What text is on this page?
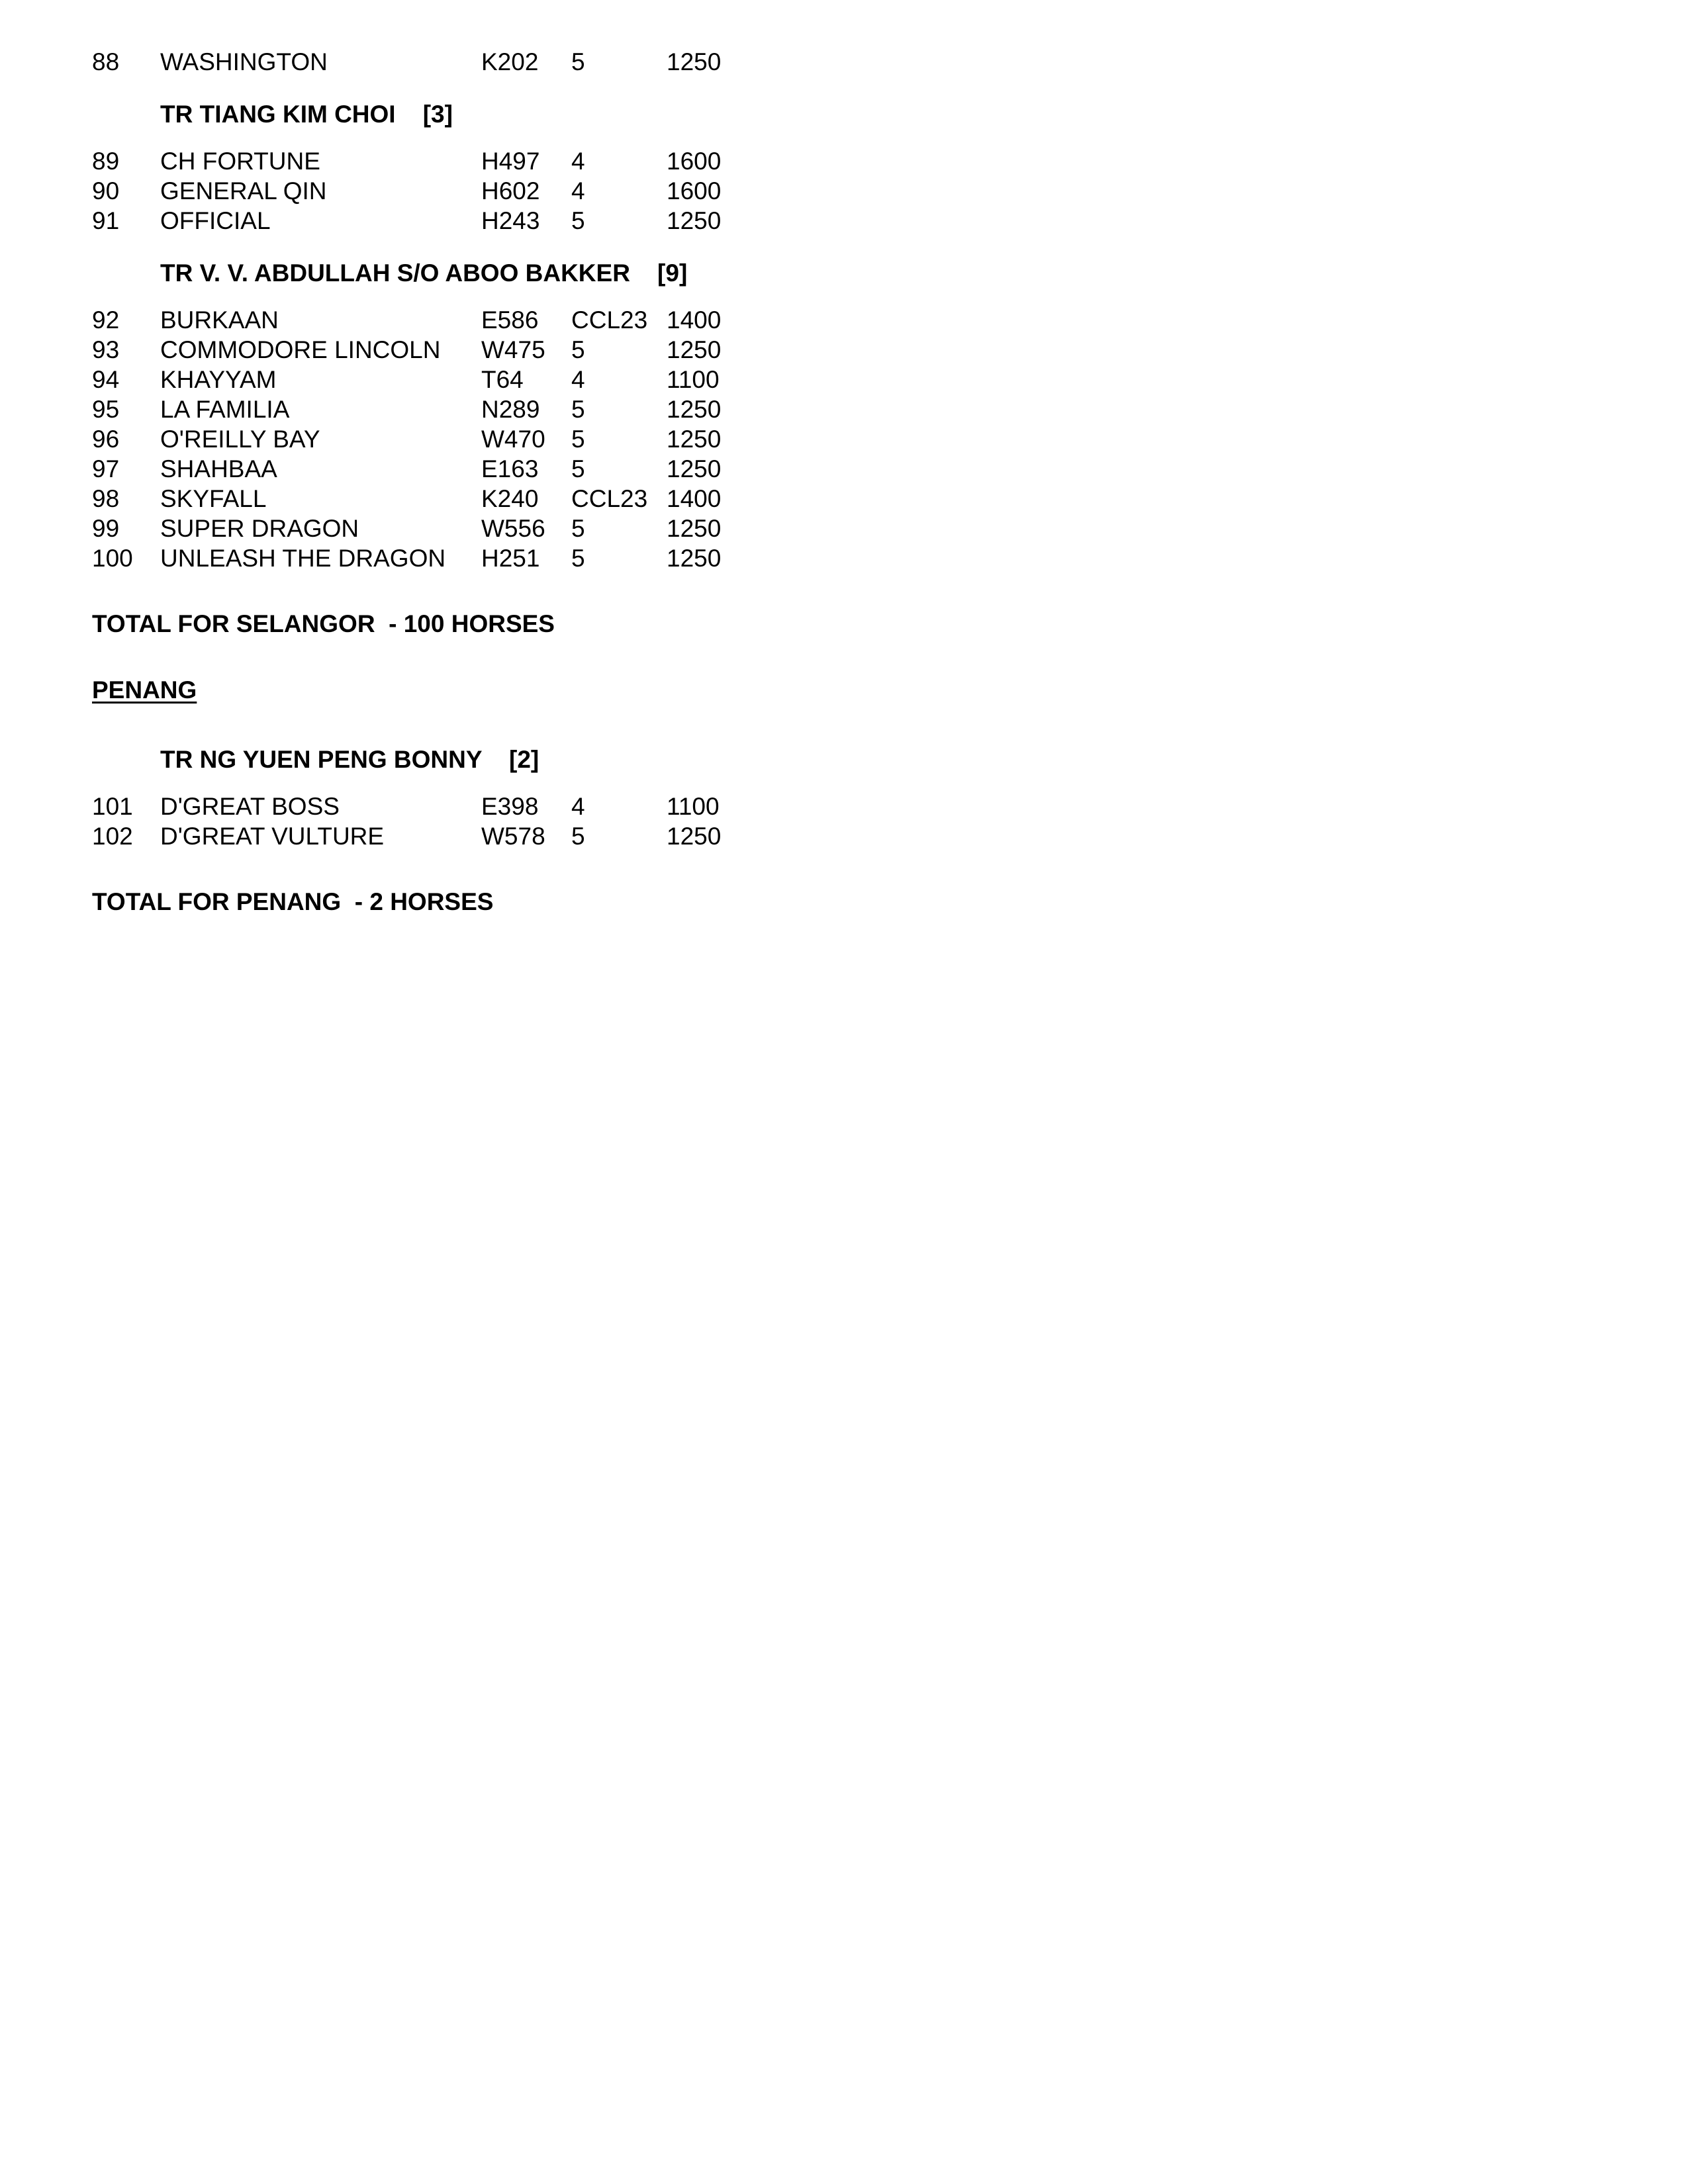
88 WASHINGTON	K202 5	1250
TR TIANG KIM CHOI    [3]
89 CH FORTUNE	H497 4	1600
90 GENERAL QIN	H602 4	1600
91 OFFICIAL	H243 5	1250
TR V. V. ABDULLAH S/O ABOO BAKKER    [9]
92 BURKAAN	E586 CCL23 1400
93 COMMODORE LINCOLN W475 5	1250
94 KHAYYAM	T64 4	1100
95 LA FAMILIA	N289 5	1250
96 O'REILLY BAY	W470 5	1250
97 SHAHBAA	E163 5	1250
98 SKYFALL	K240 CCL23 1400
99 SUPER DRAGON	W556 5	1250
100 UNLEASH THE DRAGON H251 5	1250
TOTAL FOR SELANGOR  - 100 HORSES
PENANG
TR NG YUEN PENG BONNY    [2]
101 D'GREAT BOSS	E398 4	1100
102 D'GREAT VULTURE	W578 5	1250
TOTAL FOR PENANG  - 2 HORSES
